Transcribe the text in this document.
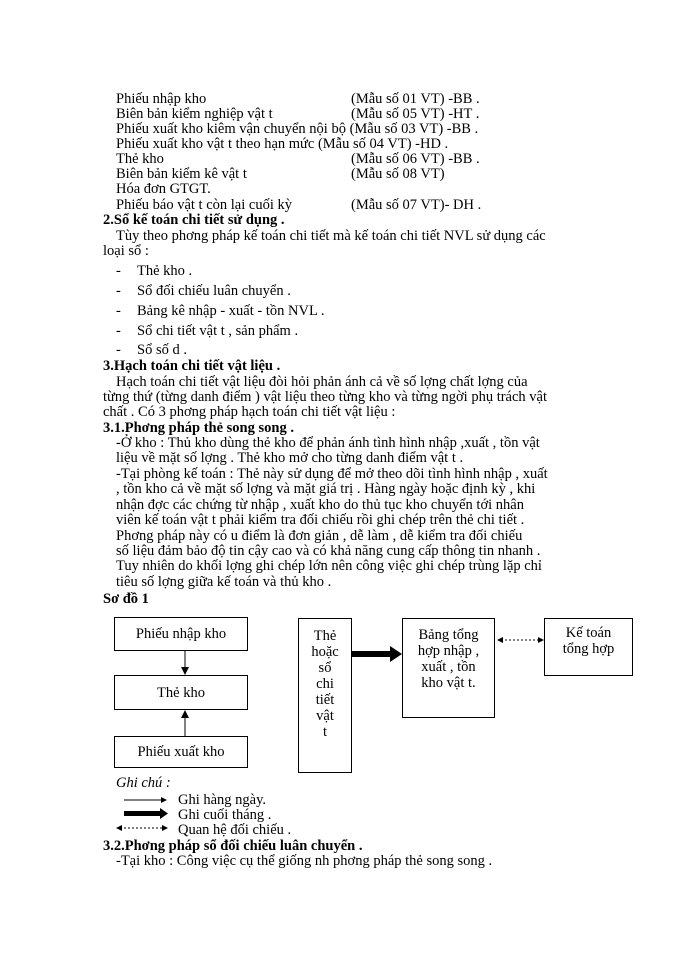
Phiếu nhập kho	(Mẫu số 01 VT) -BB .
Biên bản kiểm nghiệp vật t	(Mẫu số 05 VT) -HT .
Phiếu xuất kho kiêm vận chuyển nội bộ (Mẫu số 03 VT) -BB .
Phiếu xuất kho vật t theo hạn mức (Mẫu số 04 VT) -HD .
Thẻ kho	(Mẫu số 06 VT) -BB .
Biên bản kiểm kê vật t	(Mẫu số 08 VT)
Hóa đơn GTGT.
Phiếu báo vật t còn lại cuối kỳ	(Mẫu số 07 VT)- DH .
2.Sổ kế toán chi tiết sử dụng .
Tùy theo phơng pháp kế toán chi tiết mà kế toán chi tiết NVL sử dụng các
loại sổ :
- Thẻ kho .
- Sổ đối chiếu luân chuyển .
- Bảng kê nhập - xuất - tồn NVL .
- Sổ chi tiết vật t , sản phẩm .
- Sổ số d .
3.Hạch toán chi tiết vật liệu .
Hạch toán chi tiết vật liệu đòi hỏi phản ánh cả về số lợng chất lợng của
từng thứ (từng danh điểm ) vật liệu theo từng kho và từng ngời phụ trách vật
chất . Có 3 phơng pháp hạch toán chi tiết vật liệu :
3.1.Phơng pháp thẻ song song .
-Ở kho : Thủ kho dùng thẻ kho để phản ánh tình hình nhập ,xuất , tồn vật
liệu về mặt số lợng . Thẻ kho mở cho từng danh điểm vật t .
-Tại phòng kế toán : Thẻ này sử dụng để mở theo dõi tình hình nhập , xuất
, tồn kho cả về mặt số lợng và mặt giá trị . Hàng ngày hoặc định kỳ , khi
nhận đợc các chứng từ nhập , xuất kho do thủ tục kho chuyển tới nhân
viên kế toán vật t phải kiểm tra đối chiếu rồi ghi chép trên thẻ chi tiết .
Phơng pháp này có u điểm là đơn giản , dễ làm , dễ kiểm tra đối chiếu
số liệu đảm bảo độ tin cậy cao và có khả năng cung cấp thông tin nhanh .
Tuy nhiên do khối lợng ghi chép lớn nên công việc ghi chép trùng lặp chỉ
tiêu số lợng giữa kế toán và thủ kho .
Sơ đồ 1
Phiếu nhập kho
Thẻ kho
Phiếu xuất kho
Thẻ
hoặc
sổ
chi
tiết
vật
t
Bảng tổng
hợp nhập ,
xuất , tồn
kho vật t.
Kế toán
tổng hợp
Ghi chú :
Ghi hàng ngày.
Ghi cuối tháng .
Quan hệ đối chiếu .
3.2.Phơng pháp sổ đối chiếu luân chuyển .
-Tại kho : Công việc cụ thể giống nh phơng pháp thẻ song song .
